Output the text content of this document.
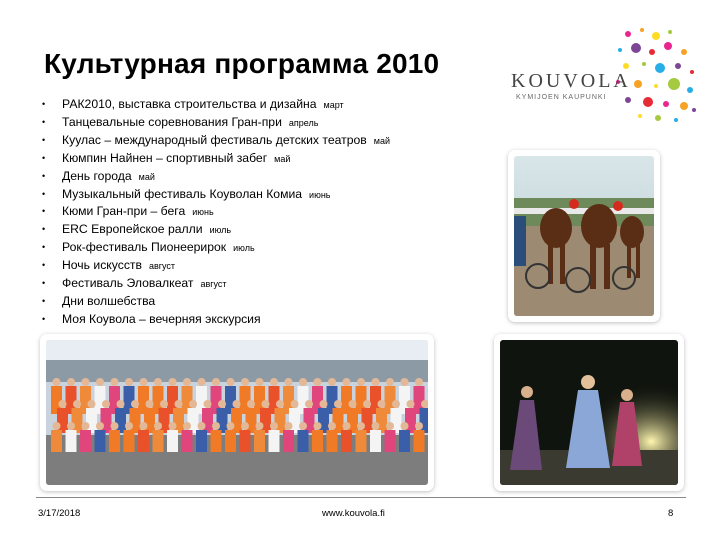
Культурная программа 2010
KOUVOLA
KYMIJOEN KAUPUNKI
• РАК2010, выставка строительства и дизайна март
• Танцевальные соревнования Гран-при апрель
• Куулас – международный фестиваль детских театров май
• Кюмпин Найнен – спортивный забег май
• День города май
• Музыкальный фестиваль Коуволан Комиа июнь
• Кюми Гран-при – бега июнь
• ERC Европейское ралли июль
• Рок-фестиваль Пионеерирок июль
• Ночь искусств август
• Фестиваль Эловалкеат август
• Дни волшебства
• Моя Коувола – вечерняя экскурсия
3/17/2018	www.kouvola.fi	8
